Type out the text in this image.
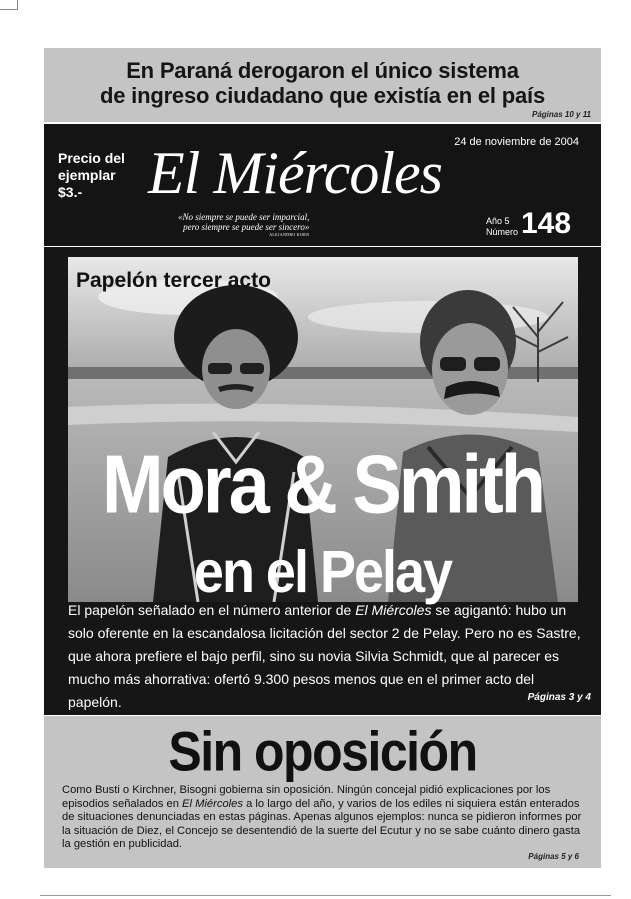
En Paraná derogaron el único sistema
de ingreso ciudadano que existía en el país
Páginas 10 y 11
Precio del
ejemplar
$3.-
24 de noviembre de 2004
El Miércoles
«No siempre se puede ser imparcial,
pero siempre se puede ser sincero»
ALEJANDRO KORN
Año 5
Número 148
Papelón tercer acto
Mora & Smith
en el Pelay
El papelón señalado en el número anterior de El Miércoles se agigantó: hubo un solo oferente en la escandalosa licitación del sector 2 de Pelay. Pero no es Sastre, que ahora prefiere el bajo perfil, sino su novia Silvia Schmidt, que al parecer es mucho más ahorrativa: ofertó 9.300 pesos menos que en el primer acto del papelón.	Páginas 3 y 4
Sin oposición
Como Busti o Kirchner, Bisogni gobierna sin oposición. Ningún concejal pidió explicaciones por los episodios señalados en El Miércoles a lo largo del año, y varios de los ediles ni siquiera están enterados de situaciones denunciadas en estas páginas. Apenas algunos ejemplos: nunca se pidieron informes por la situación de Diez, el Concejo se desentendió de la suerte del Ecutur y no se sabe cuánto dinero gasta la gestión en publicidad.
Páginas 5 y 6
